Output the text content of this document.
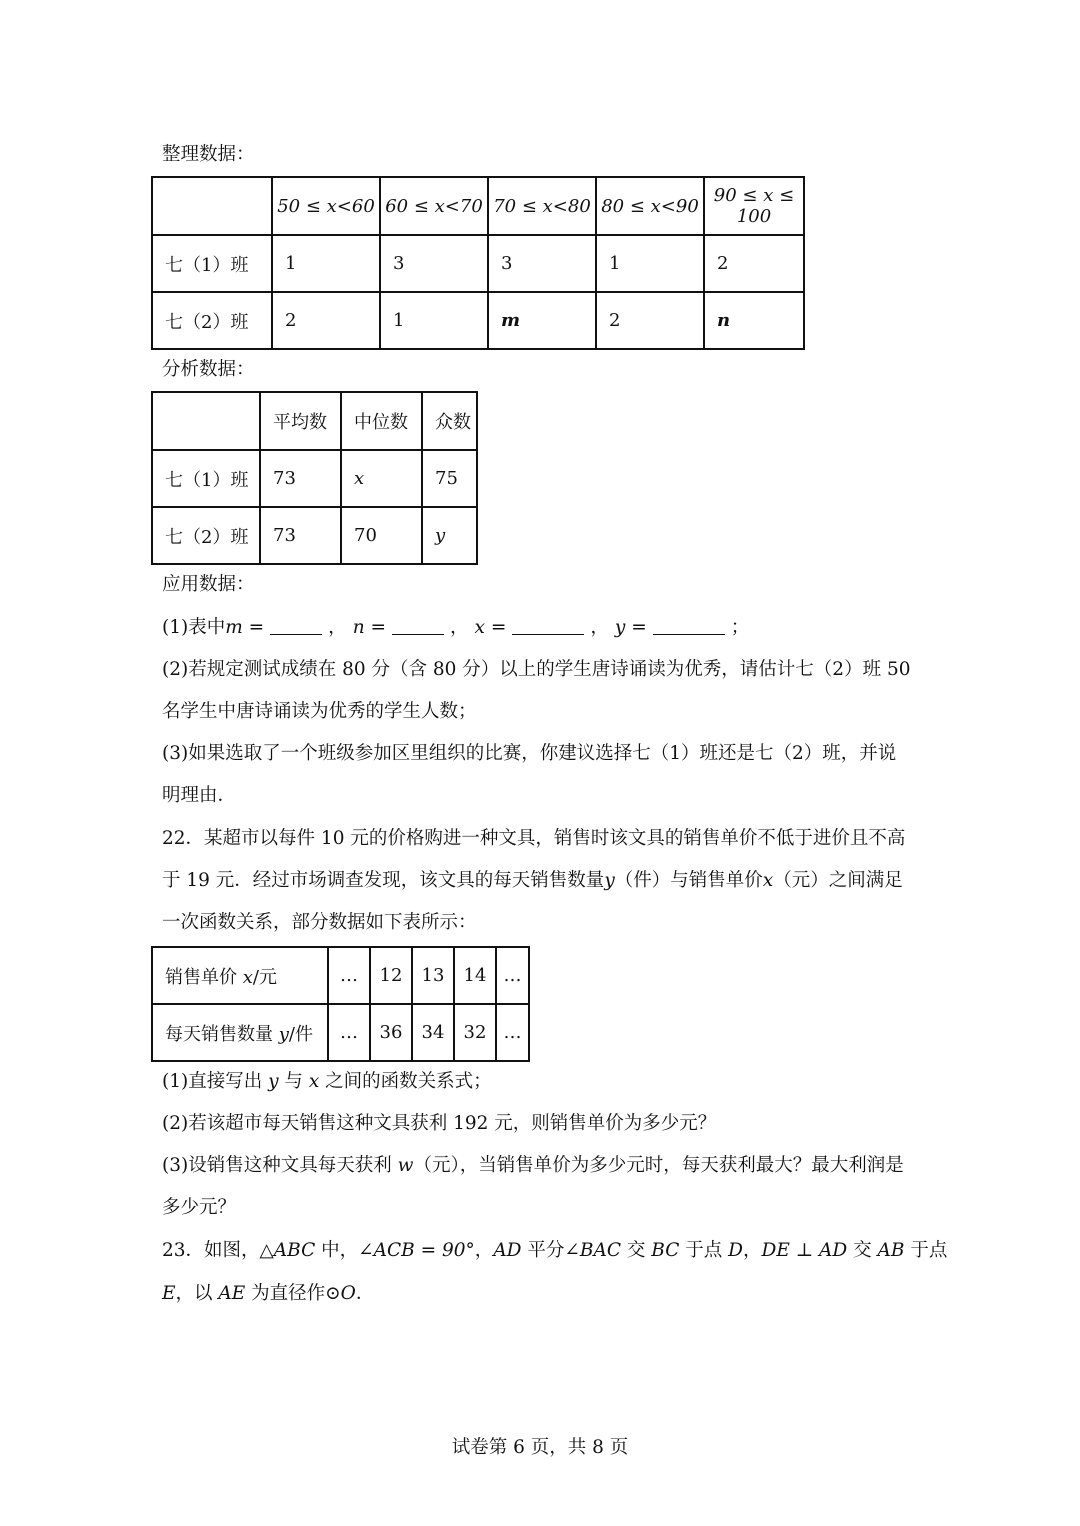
整理数据：
	50 ≤ x<60	60 ≤ x<70	70 ≤ x<80	80 ≤ x<90	90 ≤ x ≤ 100
七（1）班	1	3	3	1	2
七（2）班	2	1	m	2	n
分析数据：
	平均数	中位数	众数
七（1）班	73	x	75
七（2）班	73	70	y
应用数据：
(1)表中m =	， n =	， x =	， y =	；
(2)若规定测试成绩在 80 分（含 80 分）以上的学生唐诗诵读为优秀，请估计七（2）班 50
名学生中唐诗诵读为优秀的学生人数；
(3)如果选取了一个班级参加区里组织的比赛，你建议选择七（1）班还是七（2）班，并说
明理由．
22．某超市以每件 10 元的价格购进一种文具，销售时该文具的销售单价不低于进价且不高
于 19 元．经过市场调查发现，该文具的每天销售数量y（件）与销售单价x（元）之间满足
一次函数关系，部分数据如下表所示：
销售单价 x/元	…	12	13	14	…
每天销售数量 y/件	…	36	34	32	…
(1)直接写出 y 与 x 之间的函数关系式；
(2)若该超市每天销售这种文具获利 192 元，则销售单价为多少元？
(3)设销售这种文具每天获利 w（元），当销售单价为多少元时，每天获利最大？最大利润是
多少元？
23．如图，△ABC 中，∠ACB = 90°，AD 平分∠BAC 交 BC 于点 D，DE ⊥ AD 交 AB 于点
E，以 AE 为直径作⊙O．
试卷第 6 页，共 8 页
